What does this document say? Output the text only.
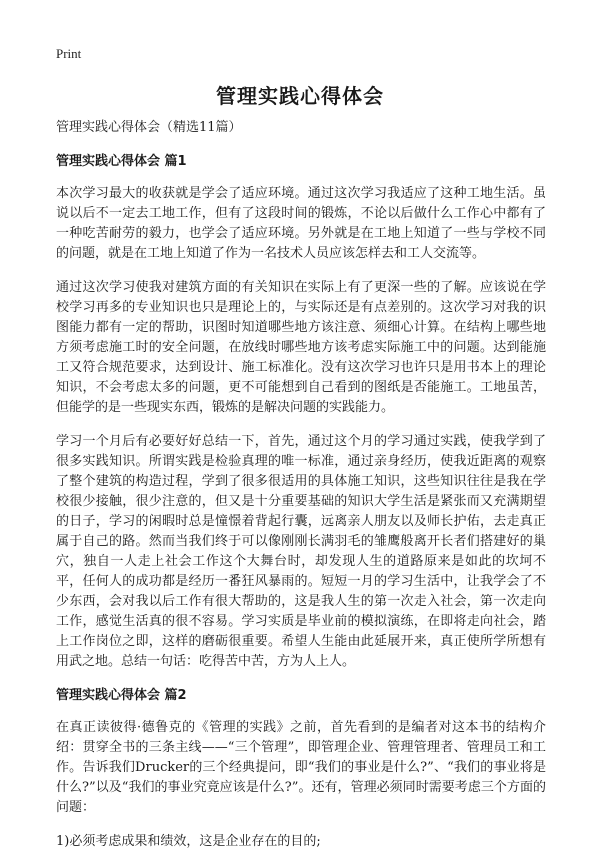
Print
管理实践心得体会

管理实践心得体会（精选11篇）

管理实践心得体会 篇1

本次学习最大的收获就是学会了适应环境。通过这次学习我适应了这种工地生活。虽说以后不一定去工地工作，但有了这段时间的锻炼，不论以后做什么工作心中都有了一种吃苦耐劳的毅力，也学会了适应环境。另外就是在工地上知道了一些与学校不同的问题，就是在工地上知道了作为一名技术人员应该怎样去和工人交流等。

通过这次学习使我对建筑方面的有关知识在实际上有了更深一些的了解。应该说在学校学习再多的专业知识也只是理论上的，与实际还是有点差别的。这次学习对我的识图能力都有一定的帮助，识图时知道哪些地方该注意、须细心计算。在结构上哪些地方须考虑施工时的安全问题，在放线时哪些地方该考虑实际施工中的问题。达到能施工又符合规范要求，达到设计、施工标准化。没有这次学习也许只是用书本上的理论知识，不会考虑太多的问题，更不可能想到自己看到的图纸是否能施工。工地虽苦，但能学的是一些现实东西，锻炼的是解决问题的实践能力。

学习一个月后有必要好好总结一下，首先，通过这个月的学习通过实践，使我学到了很多实践知识。所谓实践是检验真理的唯一标准，通过亲身经历，使我近距离的观察了整个建筑的构造过程，学到了很多很适用的具体施工知识，这些知识往往是我在学校很少接触，很少注意的，但又是十分重要基础的知识大学生活是紧张而又充满期望的日子，学习的闲暇时总是憧憬着背起行囊，远离亲人朋友以及师长护佑，去走真正属于自己的路。然而当我们终于可以像刚刚长满羽毛的雏鹰般离开长者们搭建好的巢穴，独自一人走上社会工作这个大舞台时，却发现人生的道路原来是如此的坎坷不平，任何人的成功都是经历一番狂风暴雨的。短短一月的学习生活中，让我学会了不少东西，会对我以后工作有很大帮助的，这是我人生的第一次走入社会，第一次走向工作，感觉生活真的很不容易。学习实质是毕业前的模拟演练，在即将走向社会，踏上工作岗位之即，这样的磨砺很重要。希望人生能由此延展开来，真正使所学所想有用武之地。总结一句话：吃得苦中苦，方为人上人。

管理实践心得体会 篇2

在真正读彼得·德鲁克的《管理的实践》之前，首先看到的是编者对这本书的结构介绍：贯穿全书的三条主线——“三个管理”，即管理企业、管理管理者、管理员工和工作。告诉我们Drucker的三个经典提问，即“我们的事业是什么?”、“我们的事业将是什么?”以及“我们的事业究竟应该是什么?”。还有，管理必须同时需要考虑三个方面的问题：

1)必须考虑成果和绩效，这是企业存在的目的;
